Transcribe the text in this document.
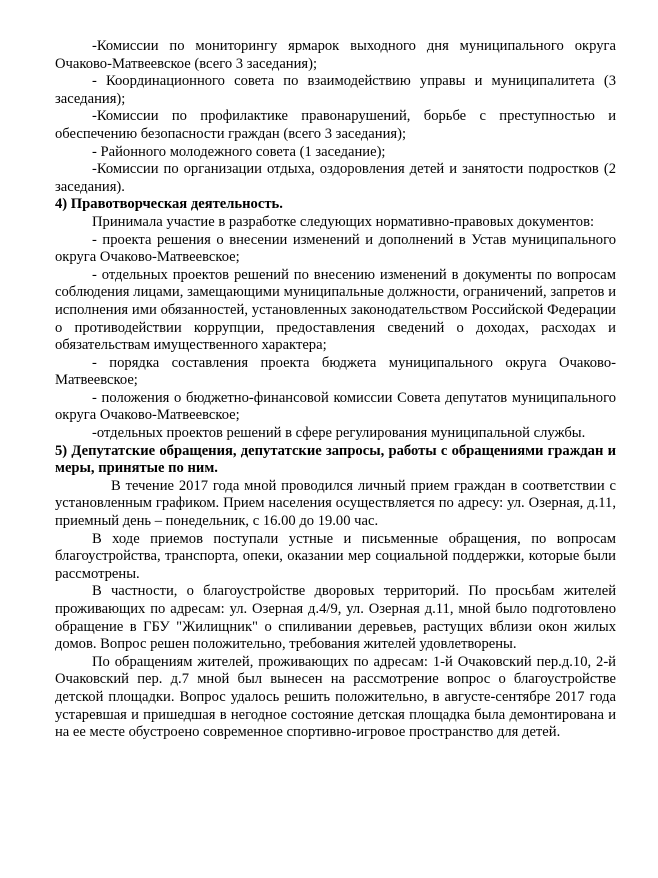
-Комиссии по мониторингу ярмарок выходного дня муниципального округа Очаково-Матвеевское (всего 3 заседания);

- Координационного совета по взаимодействию управы и муниципалитета (3 заседания);

-Комиссии по профилактике правонарушений, борьбе с преступностью и обеспечению безопасности граждан (всего 3 заседания);

- Районного молодежного совета (1 заседание);

-Комиссии по организации отдыха, оздоровления детей и занятости подростков (2 заседания).

4) Правотворческая деятельность.

Принимала участие в разработке следующих нормативно-правовых документов:

- проекта решения о внесении изменений и дополнений в Устав муниципального округа Очаково-Матвеевское;

- отдельных проектов решений по внесению изменений в документы по вопросам соблюдения лицами, замещающими муниципальные должности, ограничений, запретов и исполнения ими обязанностей, установленных законодательством Российской Федерации о противодействии коррупции, предоставления сведений о доходах, расходах и обязательствам имущественного характера;

- порядка составления проекта бюджета муниципального округа Очаково-Матвеевское;

- положения о бюджетно-финансовой комиссии Совета депутатов муниципального округа Очаково-Матвеевское;

-отдельных проектов решений в сфере регулирования муниципальной службы.

5) Депутатские обращения, депутатские запросы, работы с обращениями граждан и меры, принятые по ним.

В течение 2017 года мной проводился личный прием граждан в соответствии с установленным графиком. Прием населения осуществляется по адресу: ул. Озерная, д.11, приемный день – понедельник, с 16.00 до 19.00 час.

В ходе приемов поступали устные и письменные обращения, по вопросам благоустройства, транспорта, опеки, оказании мер социальной поддержки, которые были рассмотрены.

В частности, о благоустройстве дворовых территорий. По просьбам жителей проживающих по адресам: ул. Озерная д.4/9, ул. Озерная д.11, мной было подготовлено обращение в ГБУ "Жилищник" о спиливании деревьев, растущих вблизи окон жилых домов. Вопрос решен положительно, требования жителей удовлетворены.

По обращениям жителей, проживающих по адресам: 1-й Очаковский пер.д.10, 2-й Очаковский пер. д.7 мной был вынесен на рассмотрение вопрос о благоустройстве детской площадки. Вопрос удалось решить положительно, в августе-сентябре 2017 года устаревшая и пришедшая в негодное состояние детская площадка была демонтирована и на ее месте обустроено современное спортивно-игровое пространство для детей.
